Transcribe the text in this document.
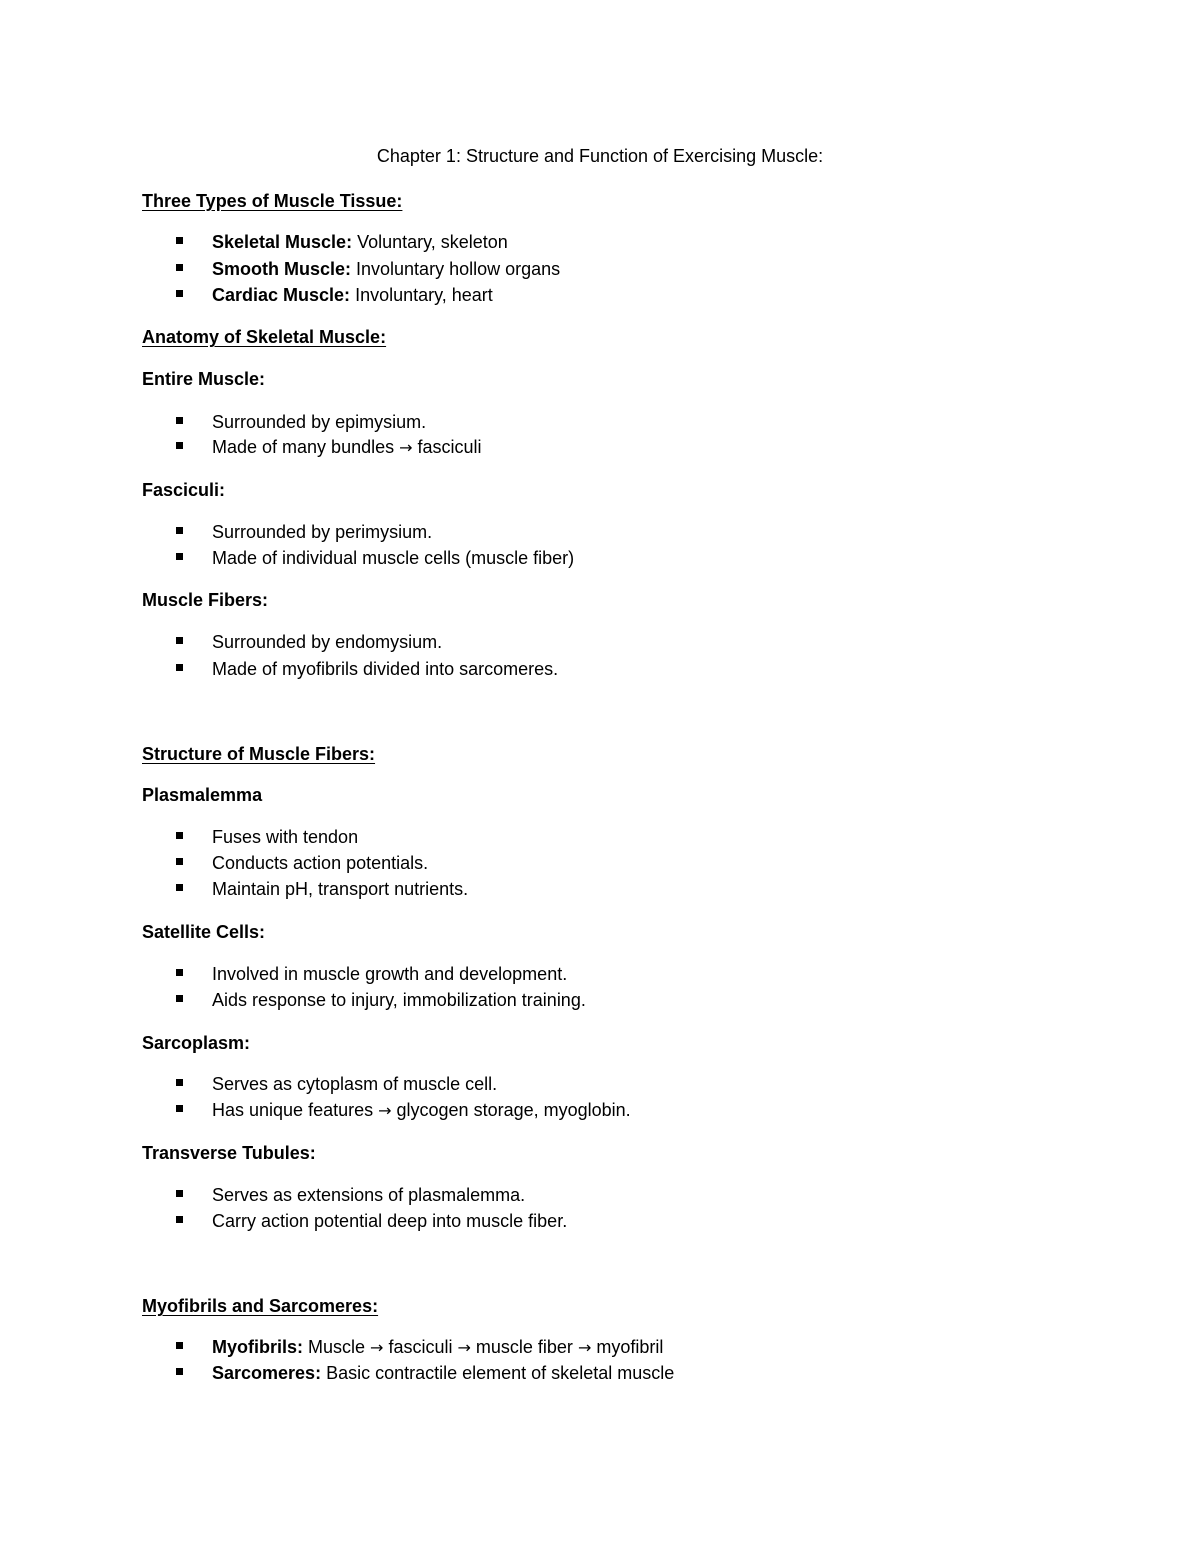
Chapter 1: Structure and Function of Exercising Muscle:
Three Types of Muscle Tissue:
Skeletal Muscle: Voluntary, skeleton
Smooth Muscle: Involuntary hollow organs
Cardiac Muscle: Involuntary, heart
Anatomy of Skeletal Muscle:
Entire Muscle:
Surrounded by epimysium.
Made of many bundles → fasciculi
Fasciculi:
Surrounded by perimysium.
Made of individual muscle cells (muscle fiber)
Muscle Fibers:
Surrounded by endomysium.
Made of myofibrils divided into sarcomeres.
Structure of Muscle Fibers:
Plasmalemma
Fuses with tendon
Conducts action potentials.
Maintain pH, transport nutrients.
Satellite Cells:
Involved in muscle growth and development.
Aids response to injury, immobilization training.
Sarcoplasm:
Serves as cytoplasm of muscle cell.
Has unique features → glycogen storage, myoglobin.
Transverse Tubules:
Serves as extensions of plasmalemma.
Carry action potential deep into muscle fiber.
Myofibrils and Sarcomeres:
Myofibrils: Muscle → fasciculi → muscle fiber → myofibril
Sarcomeres: Basic contractile element of skeletal muscle
